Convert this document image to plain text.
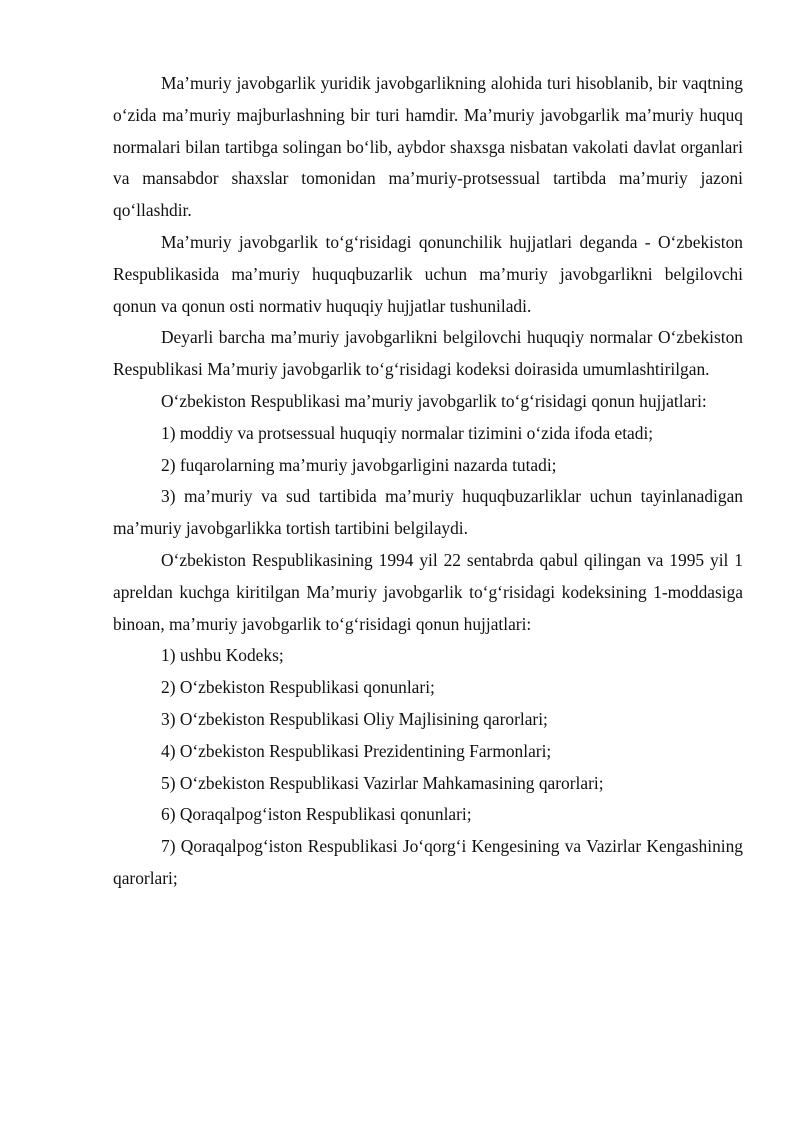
Ma’muriy javobgarlik yuridik javobgarlikning alohida turi hisoblanib, bir vaqtning o‘zida ma’muriy majburlashning bir turi hamdir. Ma’muriy javobgarlik ma’muriy huquq normalari bilan tartibga solingan bo‘lib, aybdor shaxsga nisbatan vakolati davlat organlari va mansabdor shaxslar tomonidan ma’muriy-protsessual tartibda ma’muriy jazoni qo‘llashdir.

Ma’muriy javobgarlik to‘g‘risidagi qonunchilik hujjatlari deganda - O‘zbekiston Respublikasida ma’muriy huquqbuzarlik uchun ma’muriy javobgarlikni belgilovchi qonun va qonun osti normativ huquqiy hujjatlar tushuniladi.

Deyarli barcha ma’muriy javobgarlikni belgilovchi huquqiy normalar O‘zbekiston Respublikasi Ma’muriy javobgarlik to‘g‘risidagi kodeksi doirasida umumlashtirilgan.

O‘zbekiston Respublikasi ma’muriy javobgarlik to‘g‘risidagi qonun hujjatlari:

1) moddiy va protsessual huquqiy normalar tizimini o‘zida ifoda etadi;

2) fuqarolarning ma’muriy javobgarligini nazarda tutadi;

3) ma’muriy va sud tartibida ma’muriy huquqbuzarliklar uchun tayinlanadigan ma’muriy javobgarlikka tortish tartibini belgilaydi.

O‘zbekiston Respublikasining 1994 yil 22 sentabrda qabul qilingan va 1995 yil 1 apreldan kuchga kiritilgan Ma’muriy javobgarlik to‘g‘risidagi kodeksining 1-moddasiga binoan, ma’muriy javobgarlik to‘g‘risidagi qonun hujjatlari:

1) ushbu Kodeks;

2) O‘zbekiston Respublikasi qonunlari;

3) O‘zbekiston Respublikasi Oliy Majlisining qarorlari;

4) O‘zbekiston Respublikasi Prezidentining Farmonlari;

5) O‘zbekiston Respublikasi Vazirlar Mahkamasining qarorlari;

6) Qoraqalpog‘iston Respublikasi qonunlari;

7) Qoraqalpog‘iston Respublikasi Jo‘qorg‘i Kengesining va Vazirlar Kengashining qarorlari;
